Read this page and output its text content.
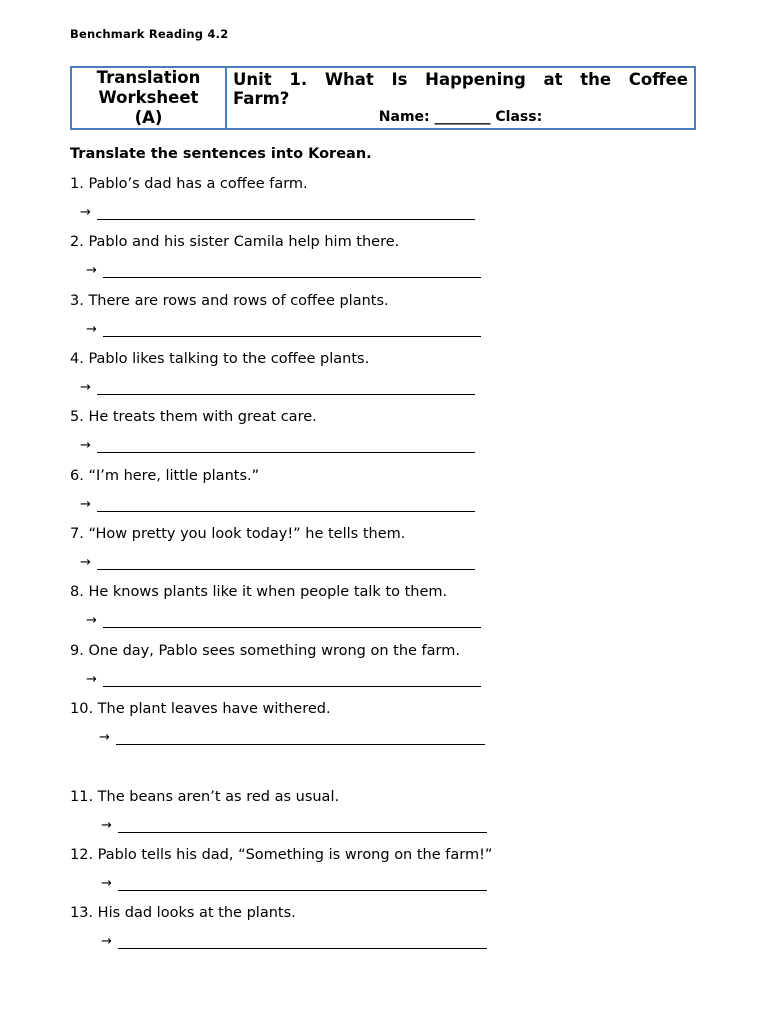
Benchmark Reading 4.2
Translation
Worksheet
(A)
Unit 1. What Is Happening at the Coffee
Farm?
Name: ________ Class:
Translate the sentences into Korean.
1. Pablo’s dad has a coffee farm.
→
2. Pablo and his sister Camila help him there.
→
3. There are rows and rows of coffee plants.
→
4. Pablo likes talking to the coffee plants.
→
5. He treats them with great care.
→
6. “I’m here, little plants.”
→
7. “How pretty you look today!” he tells them.
→
8. He knows plants like it when people talk to them.
→
9. One day, Pablo sees something wrong on the farm.
→
10. The plant leaves have withered.
→
11. The beans aren’t as red as usual.
→
12. Pablo tells his dad, “Something is wrong on the farm!”
→
13. His dad looks at the plants.
→
